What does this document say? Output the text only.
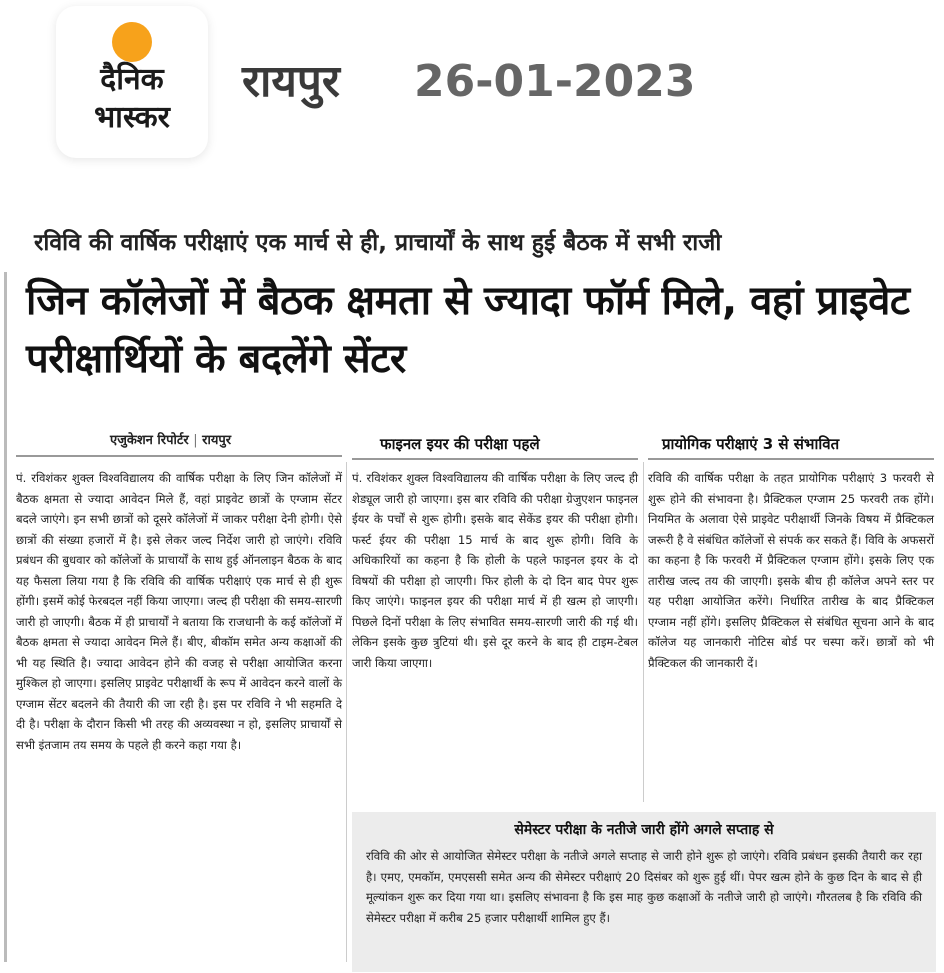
दैनिक
भास्कर
रायपुर 26-01-2023
रविवि की वार्षिक परीक्षाएं एक मार्च से ही, प्राचार्यों के साथ हुई बैठक में सभी राजी
जिन कॉलेजों में बैठक क्षमता से ज्यादा फॉर्म मिले, वहां प्राइवेट परीक्षार्थियों के बदलेंगे सेंटर
एजुकेशन रिपोर्टर | रायपुर	फाइनल इयर की परीक्षा पहले	प्रायोगिक परीक्षाएं 3 से संभावित
पं. रविशंकर शुक्ल विश्वविद्यालय की वार्षिक परीक्षा के लिए जिन कॉलेजों में बैठक क्षमता से ज्यादा आवेदन मिले हैं, वहां प्राइवेट छात्रों के एग्जाम सेंटर बदले जाएंगे। इन सभी छात्रों को दूसरे कॉलेजों में जाकर परीक्षा देनी होगी। ऐसे छात्रों की संख्या हजारों में है। इसे लेकर जल्द निर्देश जारी हो जाएंगे। रविवि प्रबंधन की बुधवार को कॉलेजों के प्राचार्यों के साथ हुई ऑनलाइन बैठक के बाद यह फैसला लिया गया है कि रविवि की वार्षिक परीक्षाएं एक मार्च से ही शुरू होंगी। इसमें कोई फेरबदल नहीं किया जाएगा। जल्द ही परीक्षा की समय-सारणी जारी हो जाएगी। बैठक में ही प्राचार्यों ने बताया कि राजधानी के कई कॉलेजों में बैठक क्षमता से ज्यादा आवेदन मिले हैं। बीए, बीकॉम समेत अन्य कक्षाओं की भी यह स्थिति है। ज्यादा आवेदन होने की वजह से परीक्षा आयोजित करना मुश्किल हो जाएगा। इसलिए प्राइवेट परीक्षार्थी के रूप में आवेदन करने वालों के एग्जाम सेंटर बदलने की तैयारी की जा रही है। इस पर रविवि ने भी सहमति दे दी है। परीक्षा के दौरान किसी भी तरह की अव्यवस्था न हो, इसलिए प्राचार्यों से सभी इंतजाम तय समय के पहले ही करने कहा गया है।
पं. रविशंकर शुक्ल विश्वविद्यालय की वार्षिक परीक्षा के लिए जल्द ही शेड्यूल जारी हो जाएगा। इस बार रविवि की परीक्षा ग्रेजुएशन फाइनल ईयर के पर्चों से शुरू होगी। इसके बाद सेकेंड इयर की परीक्षा होगी। फर्स्ट ईयर की परीक्षा 15 मार्च के बाद शुरू होगी। विवि के अधिकारियों का कहना है कि होली के पहले फाइनल इयर के दो विषयों की परीक्षा हो जाएगी। फिर होली के दो दिन बाद पेपर शुरू किए जाएंगे। फाइनल इयर की परीक्षा मार्च में ही खत्म हो जाएगी। पिछले दिनों परीक्षा के लिए संभावित समय-सारणी जारी की गई थी। लेकिन इसके कुछ त्रुटियां थी। इसे दूर करने के बाद ही टाइम-टेबल जारी किया जाएगा।
रविवि की वार्षिक परीक्षा के तहत प्रायोगिक परीक्षाएं 3 फरवरी से शुरू होने की संभावना है। प्रैक्टिकल एग्जाम 25 फरवरी तक होंगे। नियमित के अलावा ऐसे प्राइवेट परीक्षार्थी जिनके विषय में प्रैक्टिकल जरूरी है वे संबंधित कॉलेजों से संपर्क कर सकते हैं। विवि के अफसरों का कहना है कि फरवरी में प्रैक्टिकल एग्जाम होंगे। इसके लिए एक तारीख जल्द तय की जाएगी। इसके बीच ही कॉलेज अपने स्तर पर यह परीक्षा आयोजित करेंगे। निर्धारित तारीख के बाद प्रैक्टिकल एग्जाम नहीं होंगे। इसलिए प्रैक्टिकल से संबंधित सूचना आने के बाद कॉलेज यह जानकारी नोटिस बोर्ड पर चस्पा करें। छात्रों को भी प्रैक्टिकल की जानकारी दें।
सेमेस्टर परीक्षा के नतीजे जारी होंगे अगले सप्ताह से
रविवि की ओर से आयोजित सेमेस्टर परीक्षा के नतीजे अगले सप्ताह से जारी होने शुरू हो जाएंगे। रविवि प्रबंधन इसकी तैयारी कर रहा है। एमए, एमकॉम, एमएससी समेत अन्य की सेमेस्टर परीक्षाएं 20 दिसंबर को शुरू हुई थीं। पेपर खत्म होने के कुछ दिन के बाद से ही मूल्यांकन शुरू कर दिया गया था। इसलिए संभावना है कि इस माह कुछ कक्षाओं के नतीजे जारी हो जाएंगे। गौरतलब है कि रविवि की सेमेस्टर परीक्षा में करीब 25 हजार परीक्षार्थी शामिल हुए हैं।
